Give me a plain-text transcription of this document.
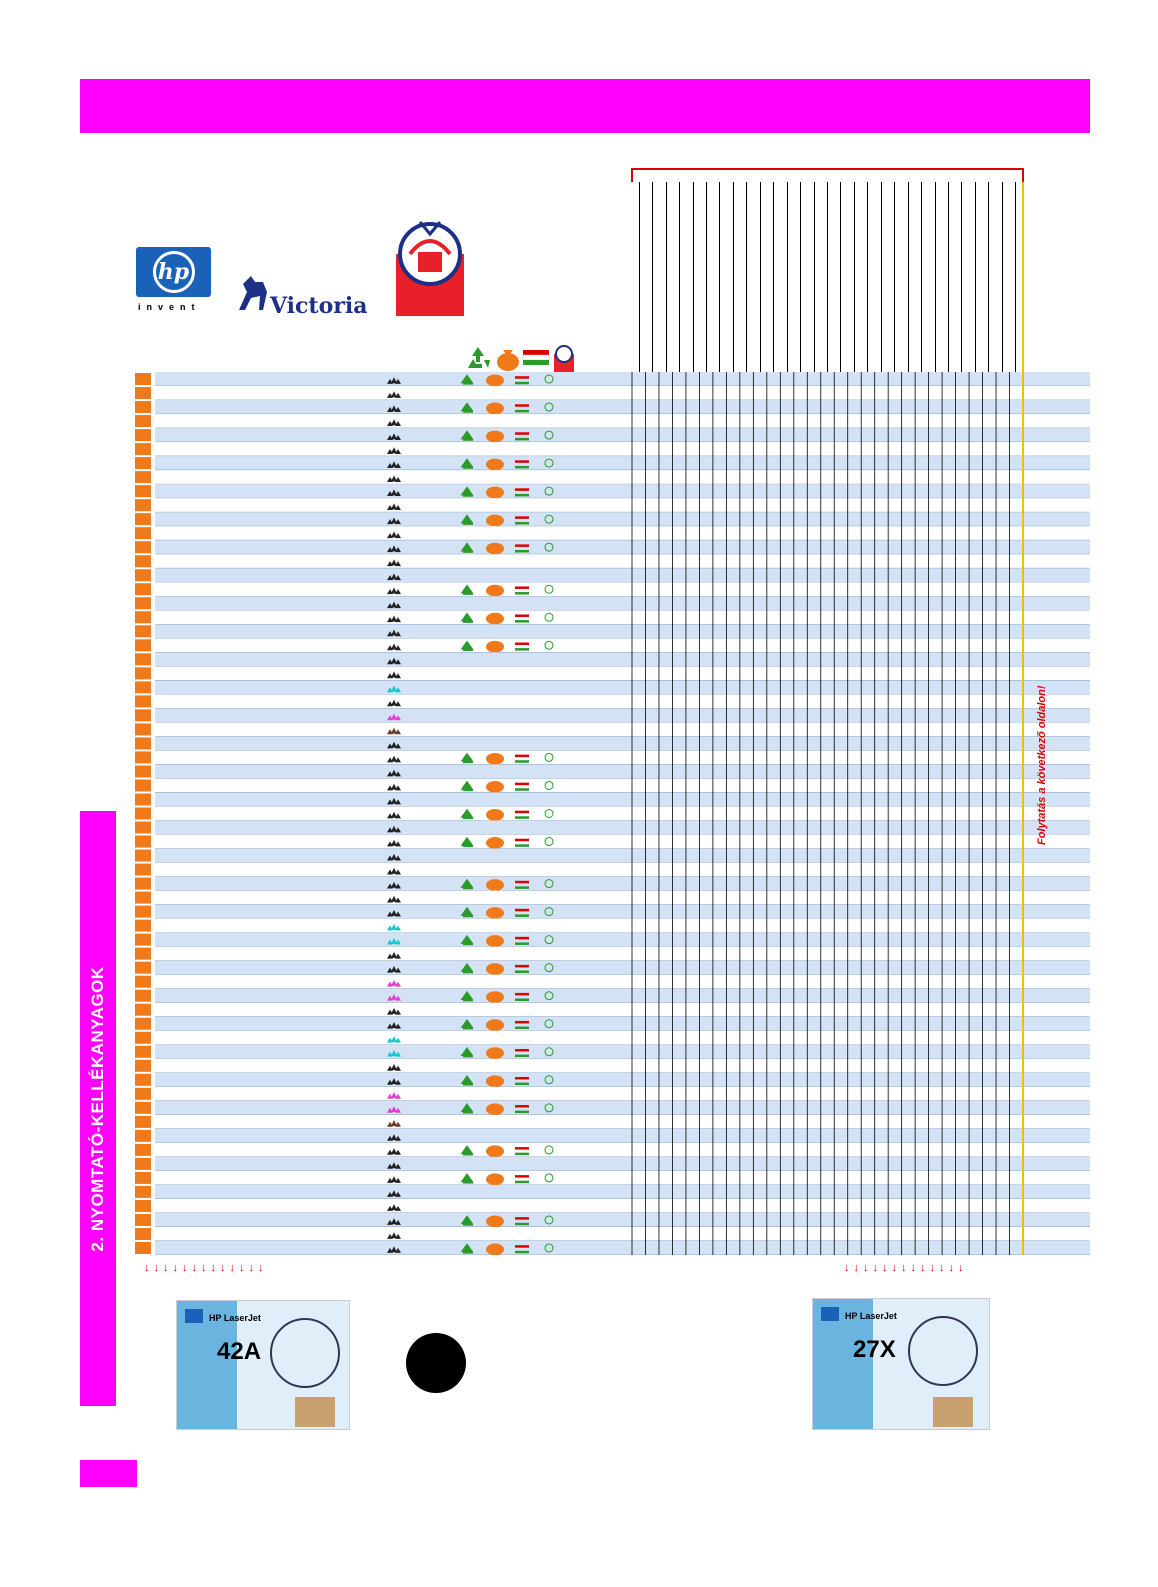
2. NYOMTATÓ-KELLÉKANYAGOK
hp
invent	Victoria
Folytatás a következő oldalon!
↓↓↓↓↓↓↓↓↓↓↓↓↓	↓↓↓↓↓↓↓↓↓↓↓↓↓
HP LaserJet
42A
HP LaserJet
27X
